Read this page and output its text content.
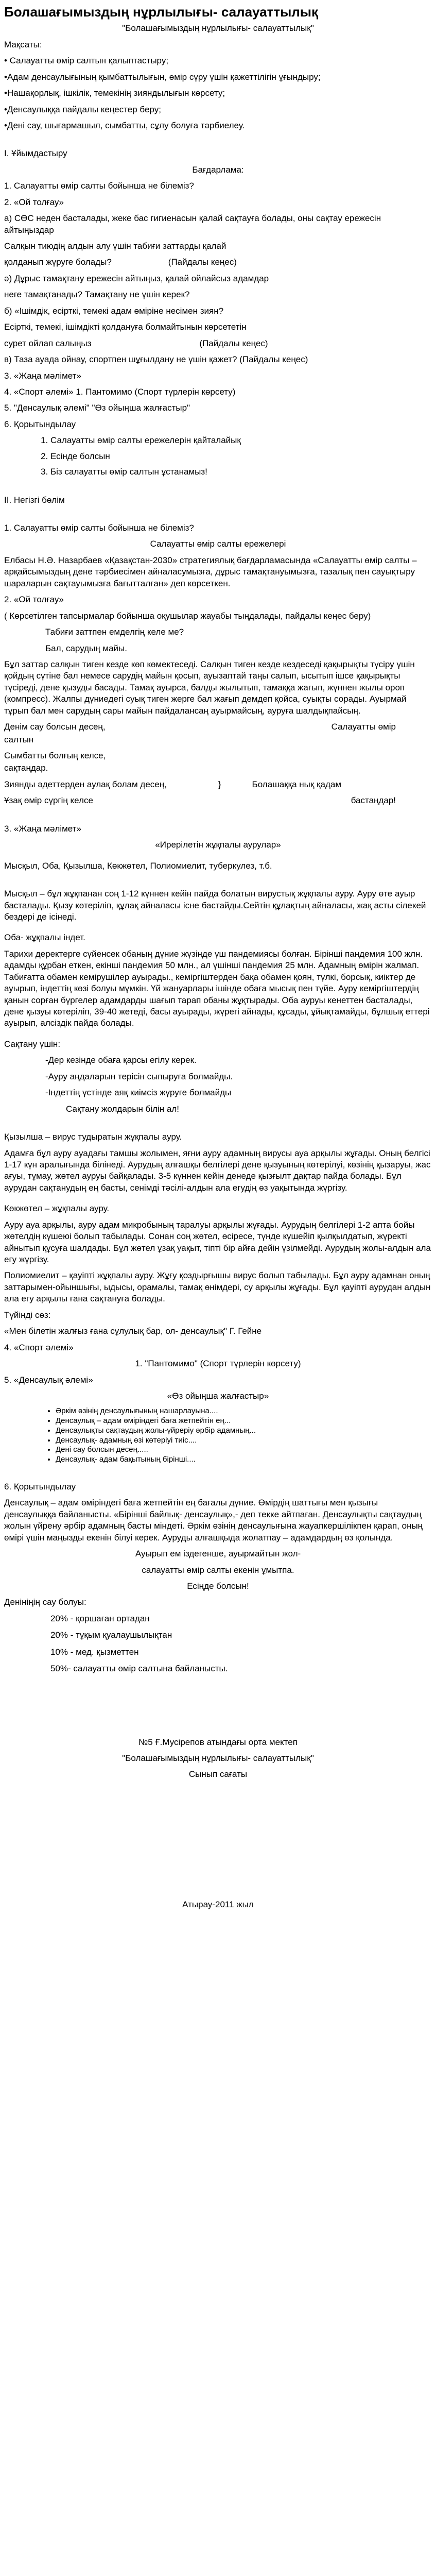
Болашағымыздың нұрлылығы- салауаттылық

"Болашағымыздың нұрлылығы- салауаттылық"

Мақсаты:

• Салауатты өмір салтын қалыптастыру;

•Адам денсаулығының қымбаттылығын, өмір сүру үшін қажеттілігін ұғындыру;

•Нашақорлық, ішкілік, темекінің зияндылығын көрсету;

•Денсаулыққа пайдалы кеңестер беру;

•Дені сау, шығармашыл, сымбатты, сұлу болуға тәрбиелеу.

I. Ұйымдастыру

Бағдарлама:

1. Салауатты өмір салты бойынша не білеміз?

2. «Ой толғау»

а) СӨС неден басталады, жеке бас гигиенасын қалай сақтауға болады, оны сақтау ережесін айтыңыздар

Салқын тиюдің алдын алу үшін табиғи заттарды қалай

қолданып жүруге болады?	(Пайдалы кеңес)

ә) Дұрыс тамақтану ережесін айтыңыз, қалай ойлайсыз адамдар

неге тамақтанады? Тамақтану не үшін керек?

б) «Ішімдік, есірткі, темекі адам өміріне несімен зиян?

Есірткі, темекі, ішімдікті қолдануға болмайтынын көрсететін

сурет ойлап салыңыз	(Пайдалы кеңес)

в) Таза ауада ойнау, спортпен шұғылдану не үшін қажет? (Пайдалы кеңес)

3. «Жаңа мәлімет»

4. «Спорт әлемі» 1. Пантомимо (Спорт түрлерін көрсету)

5. "Денсаулық әлемі" "Өз ойыңша жалғастыр"

6. Қорытындылау

1. Салауатты өмір салты ережелерін қайталайық
2. Есінде болсын
3. Біз салауатты өмір салтын ұстанамыз!

II. Негізгі бөлім

1. Салауатты өмір салты бойынша не білеміз?

Салауатты өмір салты ережелері

Елбасы Н.Ә. Назарбаев «Қазақстан-2030» стратегиялық бағдарламасында «Салауатты өмір салты – арқайсымыздың дене тәрбиесімен айналасумызға, дұрыс тамақтануымызға, тазалық пен сауықтыру шараларын сақтауымызға бағытталған» деп көрсеткен.

2. «Ой толғау»

( Көрсетілген тапсырмалар бойынша оқушылар жауабы тыңдалады, пайдалы кеңес беру)

Табиғи заттпен емделгің келе ме?

Бал, сарудың майы.

Бұл заттар салқын тиген кезде көп көмектеседі. Салқын тиген кезде кездеседі қақырықты түсіру үшін қойдың сүтіне бал немесе сарудің майын қосып, ауызаптай таңы салып, ысытып ішсе қақырықты түсіреді, дене қызуды басады. Тамақ ауырса, балды жылытып, тамаққа жағып, жүннен жылы ороп (компресс). Жалпы дүниедегі суық тиген жерге бал жағып демдеп қойса, суықты сорады. Ауырмай тұрып бал мен сарудың сары майын пайдалансаң ауырмайсың, ауруға шалдықпайсың.

Денім сау болсын десең,	Салауатты өмір

салтын

Сымбатты болғың келсе,

сақтаңдар.

Зиянды әдеттерден аулақ болам десең,	}	Болашаққа нық қадам

Ұзақ өмір сүргің келсе	бастаңдар!

3. «Жаңа мәлімет»

«Ирерілетін жұқпалы аурулар»

Мысқыл, Оба, Қызылша, Көкжөтел, Полиомиелит, туберкулез, т.б.

Мысқыл – бұл жұқпанан соң 1-12 күннен кейін пайда болатын вирустық жұқпалы ауру. Ауру өте ауыр басталады. Қызу көтеріліп, құлақ айналасы існе бастайды.Сейтін құлақтың айналасы, жақ асты сілекей бездері де ісінеді.

Оба- жұқпалы індет.

Тарихи деректерге сүйенсек обаның дүние жүзінде үш пандемиясы болған. Біріншi пандемия 100 жлн. адамды құрбан еткен, екінші пандемия 50 млн., ал үшінші пандемия 25 млн. Адамның өмірін жалмап. Табиғатта обамен кемірушілер ауырады., кеміргіштерден бақа обамен қоян, түлкі, борсық, киіктер де ауырып, індеттің көзі болуы мүмкін. Үй жануарлары ішінде обаға мысық пен түйе. Ауру кеміргіштердің қанын сорған бүргелер адамдарды шағып тарап обаны жұқтырады. Оба ауруы кенеттен басталады, дене қызуы көтеріліп, 39-40 жетеді, басы ауырады, жүрегі айнады, құсады, ұйықтамайды, бұлшық еттері ауырып, алсіздік пайда болады.

Сақтану үшін:

-Дер кезінде обаға қарсы егілу керек.

-Ауру аңдаларын терісін сыпыруға болмайды.

-Індеттің үстінде аяқ киімсіз жүруге болмайды

Сақтану жолдарын білін ал!

Қызылша – вирус тудыратын жұқпалы ауру.

Адамға бұл ауру ауадағы тамшы жолымен, яғни ауру адамның вирусы ауа арқылы жұғады. Оның белгісі 1-17 күн аралығында білінеді. Аурудың алғашқы белгілері дене қызуының көтерілуі, көзінің қызаруы, жас ағуы, тұмау, жөтел ауруы байқалады. 3-5 күннен кейін денеде қызғылт дақтар пайда болады. Бұл аурудан сақтанудың ең басты, сенімді тәсілі-алдын ала егудің өз уақытында жүргізу.

Көкжөтел – жұқпалы ауру.

Ауру ауа арқылы, ауру адам микробының таралуы арқылы жұғады. Аурудың белгілері 1-2 апта бойы жөтелдің күшеюі болып табылады. Сонан соң жөтел, өсіресе, түнде күшейіп қылқылдатып, жүректі айнытып құсуға шалдады. Бұл жөтел ұзақ уақыт, тіпті бір айға дейін үзілмейді. Аурудың жолы-алдын ала егу жүргізу.

Полиомиелит – қауіпті жұқпалы ауру. Жұғу қоздырғышы вирус болып табылады. Бұл ауру адамнан оның заттарымен-ойыншығы, ыдысы, орамалы, тамақ өнімдері, су арқылы жұғады. Бұл қауіпті аурудан алдын ала егу арқылы ғана сақтануға болады.

Түйінді сөз:

«Мен білетін жалғыз ғана сұлулық бар, ол- денсаулық" Г. Гейне

4. «Спорт әлемі»

1. "Пантомимо" (Спорт түрлерін көрсету)

5. «Денсаулық әлемі»

«Өз ойыңша жалғастыр»

• Әркім өзінің денсаулығының нашарлауына....
• Денсаулық – адам өміріндегі бағa жетпейтін ең...
• Денсаулықты сақтаудың жолы-үйреріу әрбір адамның...
• Денсаулық- адамның өзі көтеріуі тиіс....
• Дені сау болсын десең.....
• Денсаулық- адам бақытының бірінші....

6. Қорытындылау

Денсаулық – адам өміріндегі бағa жетпейтін ең бағалы дүние. Өмірдің шаттығы мен қызығы денсаулыққа байланысты. «Бірінші байлық- денсаулық»,- деп текке айтпаған. Денсаулықты сақтаудың жолын үйрену әрбір адамның басты міндеті. Әркім өзінің денсаулығына жауапкершілікпен қарап, оның өмірі үшін маңызды екенін білуі керек. Ауруды алғашқыда жолатпау – адамдардың өз қолында.

Ауырып ем іздегенше, ауырмайтын жол-

салауатты өмір салты екенін ұмытпа.

Есіңде болсын!

Денініңің сау болуы:

20% - қоршаған ортадан

20% - тұқым қуалаушылықтан

10% - мед. қызметтен

50%- салауатты өмір салтына байланысты.

№5 Ғ.Мусірепов атындағы орта мектеп

"Болашағымыздың нұрлылығы- салауаттылық"

Сынып сағаты

Атырау-2011 жыл
